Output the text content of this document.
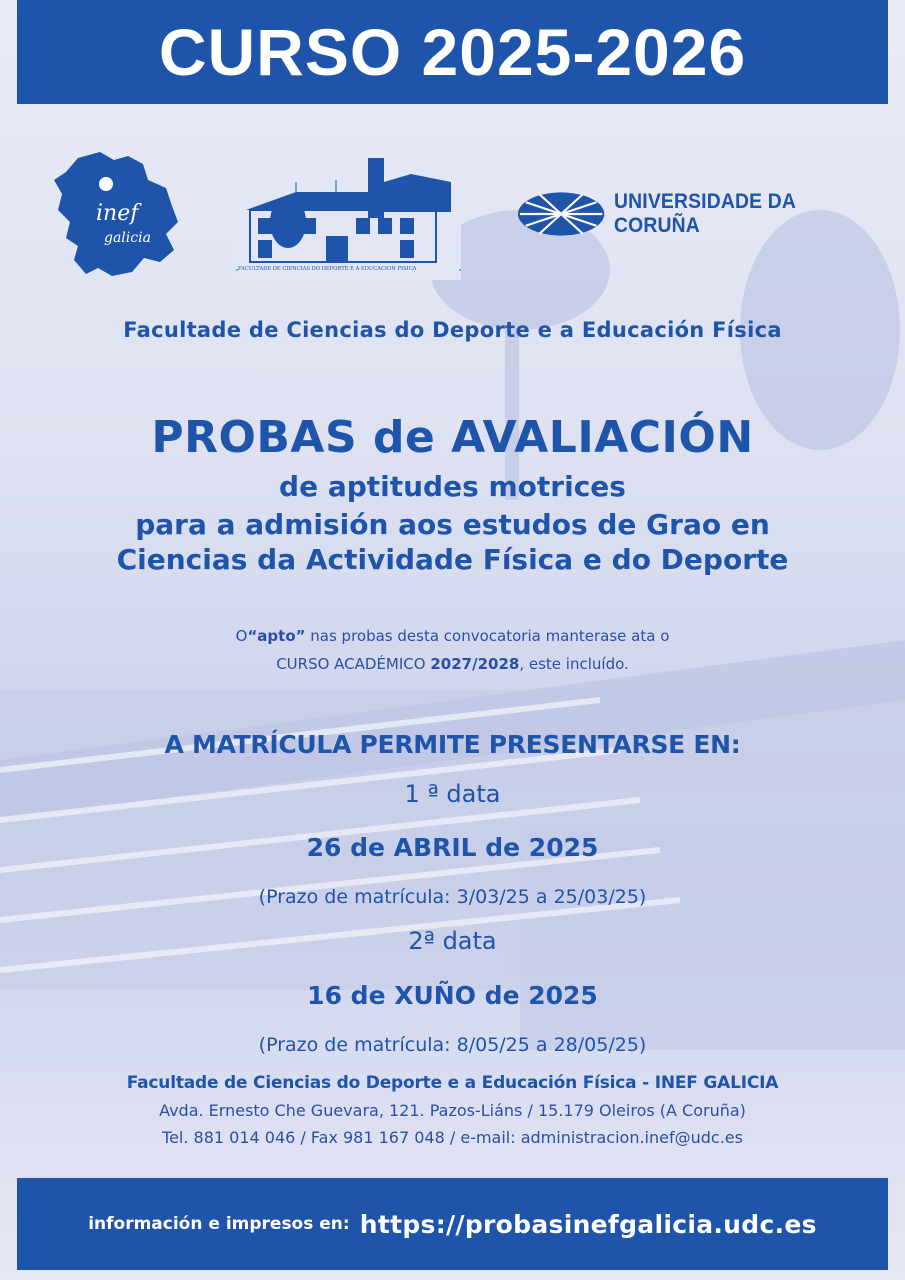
CURSO 2025-2026
inef
galicia
FACULTADE DE CIENCIAS DO DEPORTE E A EDUCACIÓN FÍSICA
UNIVERSIDADE DA CORUÑA
Facultade de Ciencias do Deporte e a Educación Física
PROBAS de AVALIACIÓN
de aptitudes motrices
para a admisión aos estudos de Grao en
Ciencias da Actividade Física e do Deporte
O“apto” nas probas desta convocatoria manterase ata o
CURSO ACADÉMICO 2027/2028, este incluído.
A MATRÍCULA PERMITE PRESENTARSE EN:
1 ª data
26 de ABRIL de 2025
(Prazo de matrícula: 3/03/25 a 25/03/25)
2ª data
16 de XUÑO de 2025
(Prazo de matrícula: 8/05/25 a 28/05/25)
Facultade de Ciencias do Deporte e a Educación Física - INEF GALICIA
Avda. Ernesto Che Guevara, 121. Pazos-Liáns / 15.179 Oleiros (A Coruña)
Tel. 881 014 046 / Fax 981 167 048 / e-mail: administracion.inef@udc.es
información e impresos en: https://probasinefgalicia.udc.es
